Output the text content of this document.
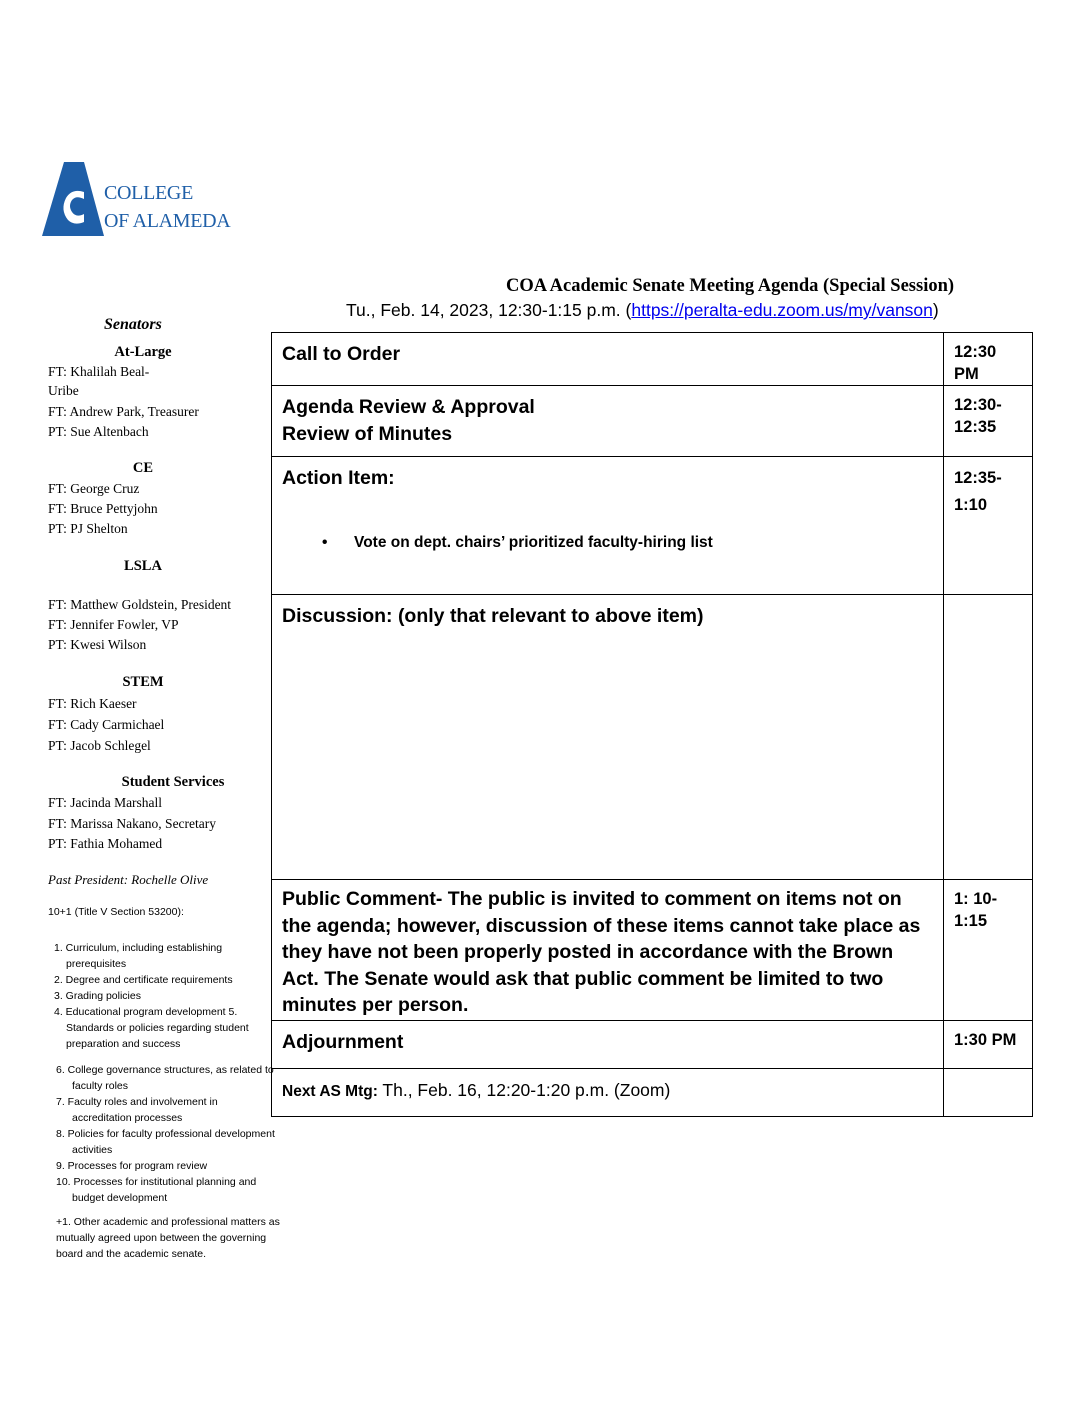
COLLEGE
OF ALAMEDA
COA Academic Senate Meeting Agenda (Special Session)
Tu., Feb. 14, 2023, 12:30-1:15 p.m. (https://peralta-edu.zoom.us/my/vanson)
Senators
At-Large
FT: Khalilah Beal-
Uribe
FT: Andrew Park, Treasurer
PT: Sue Altenbach
CE
FT: George Cruz
FT: Bruce Pettyjohn
PT: PJ Shelton
LSLA
FT: Matthew Goldstein, President
FT: Jennifer Fowler, VP
PT: Kwesi Wilson
STEM
FT: Rich Kaeser
FT: Cady Carmichael
PT: Jacob Schlegel
Student Services
FT: Jacinda Marshall
FT: Marissa Nakano, Secretary
PT: Fathia Mohamed
Past President: Rochelle Olive
10+1 (Title V Section 53200):
1. Curriculum, including establishing
prerequisites
2. Degree and certificate requirements
3. Grading policies
4. Educational program development 5.
Standards or policies regarding student
preparation and success
6. College governance structures, as related to
faculty roles
7. Faculty roles and involvement in
accreditation processes
8. Policies for faculty professional development
activities
9. Processes for program review
10. Processes for institutional planning and
budget development
+1. Other academic and professional matters as
mutually agreed upon between the governing
board and the academic senate.
Call to Order	12:30 PM
Agenda Review & Approval
Review of Minutes
12:30-
12:35
Action Item:
• Vote on dept. chairs’ prioritized faculty-hiring list
12:35-
1:10
Discussion: (only that relevant to above item)
Public Comment- The public is invited to comment on items not on the agenda; however, discussion of these items cannot take place as they have not been properly posted in accordance with the Brown Act. The Senate would ask that public comment be limited to two minutes per person.
1: 10-
1:15
Adjournment	1:30 PM
Next AS Mtg: Th., Feb. 16, 12:20-1:20 p.m. (Zoom)
